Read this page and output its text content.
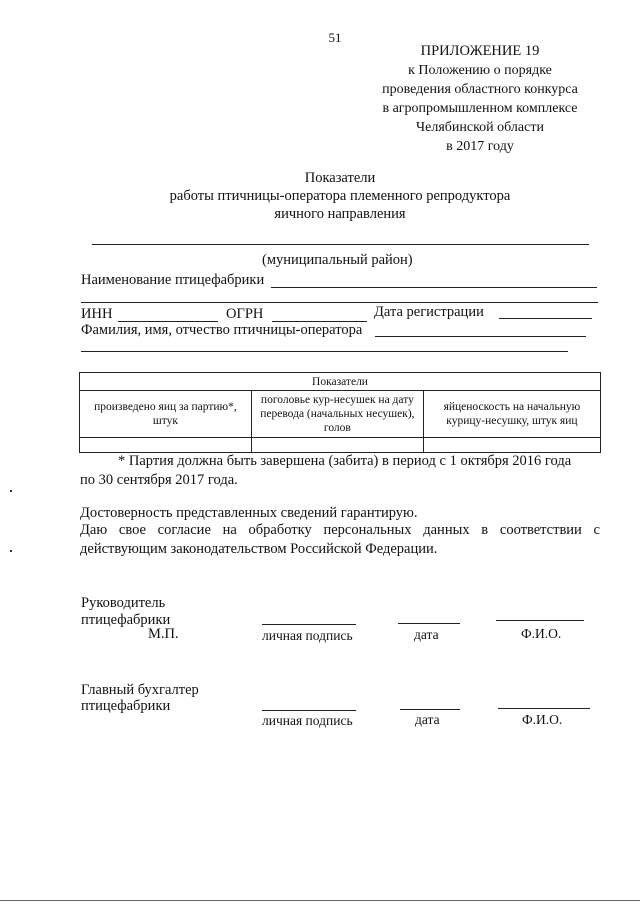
51
ПРИЛОЖЕНИЕ 19
к Положению о порядке
проведения областного конкурса
в агропромышленном комплексе
Челябинской области
в 2017 году
Показатели
работы птичницы-оператора племенного репродуктора
яичного направления
(муниципальный район)
Наименование птицефабрики
ИНН	ОГРН	Дата регистрации
Фамилия, имя, отчество птичницы-оператора
Показатели		
произведено яиц за партию*, штук	поголовье кур-несушек на дату перевода (начальных несушек), голов	яйценоскость на начальную курицу-несушку, штук яиц

* Партия должна быть завершена (забита) в период с 1 октября 2016 года
по 30 сентября 2017 года.
Достоверность представленных сведений гарантирую.
Даю свое согласие на обработку персональных данных в соответствии с действующим законодательством Российской Федерации.
Руководитель
птицефабрики
М.П.	личная подпись	дата	Ф.И.О.
Главный бухгалтер
птицефабрики
личная подпись	дата	Ф.И.О.
